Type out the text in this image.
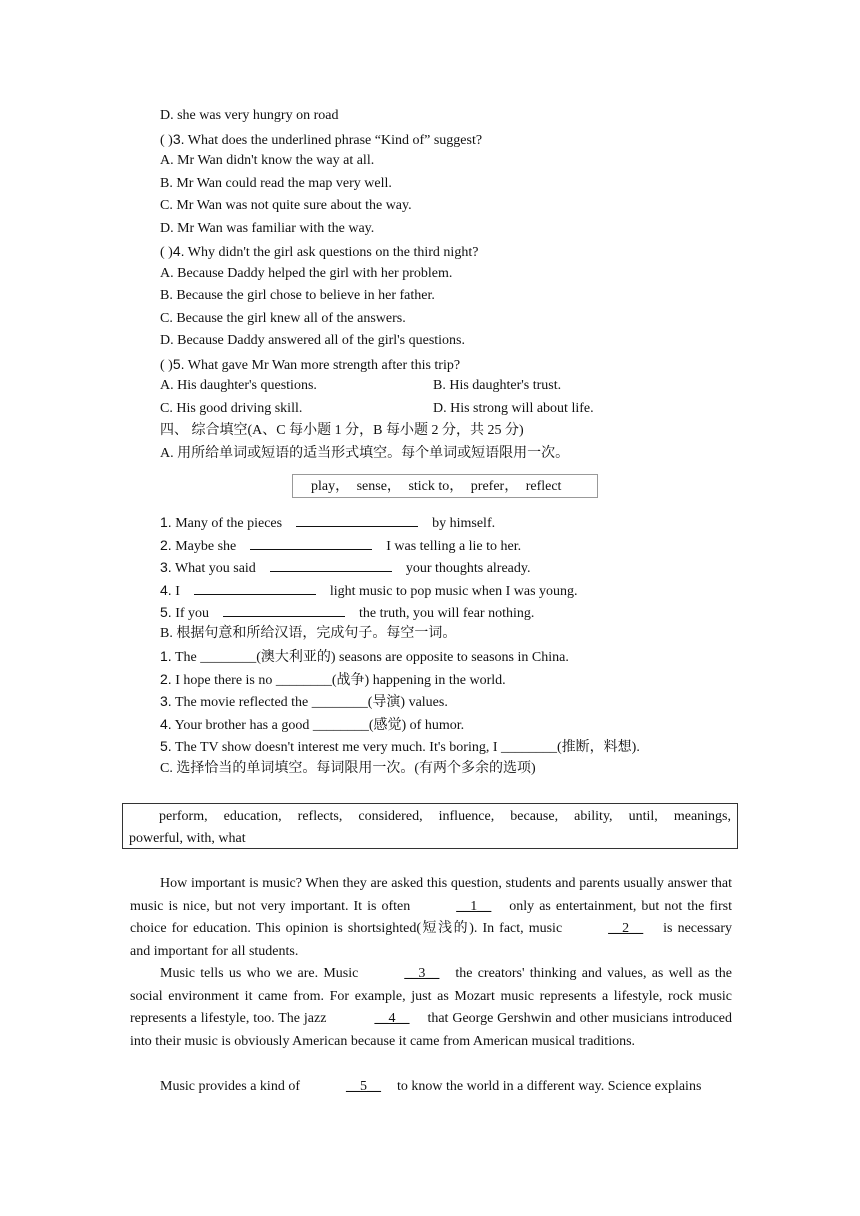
D. she was very hungry on road
( )3. What does the underlined phrase “Kind of” suggest?
A. Mr Wan didn't know the way at all.
B. Mr Wan could read the map very well.
C. Mr Wan was not quite sure about the way.
D. Mr Wan was familiar with the way.
( )4. Why didn't the girl ask questions on the third night?
A. Because Daddy helped the girl with her problem.
B. Because the girl chose to believe in her father.
C. Because the girl knew all of the answers.
D. Because Daddy answered all of the girl's questions.
( )5. What gave Mr Wan more strength after this trip?
A. His daughter's questions.	B. His daughter's trust.
C. His good driving skill.	D. His strong will about life.
四、 综合填空(A、C 每小题 1 分，B 每小题 2 分，共 25 分)
A. 用所给单词或短语的适当形式填空。每个单词或短语限用一次。
play， sense， stick to， prefer， reflect
1. Many of the pieces	by himself.
2. Maybe she	I was telling a lie to her.
3. What you said	your thoughts already.
4. I	light music to pop music when I was young.
5. If you	the truth, you will fear nothing.
B. 根据句意和所给汉语，完成句子。每空一词。
1. The ________(澳大利亚的) seasons are opposite to seasons in China.
2. I hope there is no ________(战争) happening in the world.
3. The movie reflected the ________(导演) values.
4. Your brother has a good ________(感觉) of humor.
5. The TV show doesn't interest me very much. It's boring, I ________(推断，料想).
C. 选择恰当的单词填空。每词限用一次。(有两个多余的选项)
perform, education, reflects, considered, influence, because, ability, until, meanings,
powerful, with, what
How important is music? When they are asked this question, students and parents usually answer that music is nice, but not very important. It is often	__1__ only as entertainment, but not the first choice for education. This opinion is shortsighted(短浅的). In fact, music	__2__ is necessary and important for all students.
Music tells us who we are. Music	__3__ the creators' thinking and values, as well as the social environment it came from. For example, just as Mozart music represents a lifestyle, rock music represents a lifestyle, too. The jazz	__4__ that George Gershwin and other musicians introduced into their music is obviously American because it came from American musical traditions.
Music provides a kind of	__5__ to know the world in a different way. Science explains
